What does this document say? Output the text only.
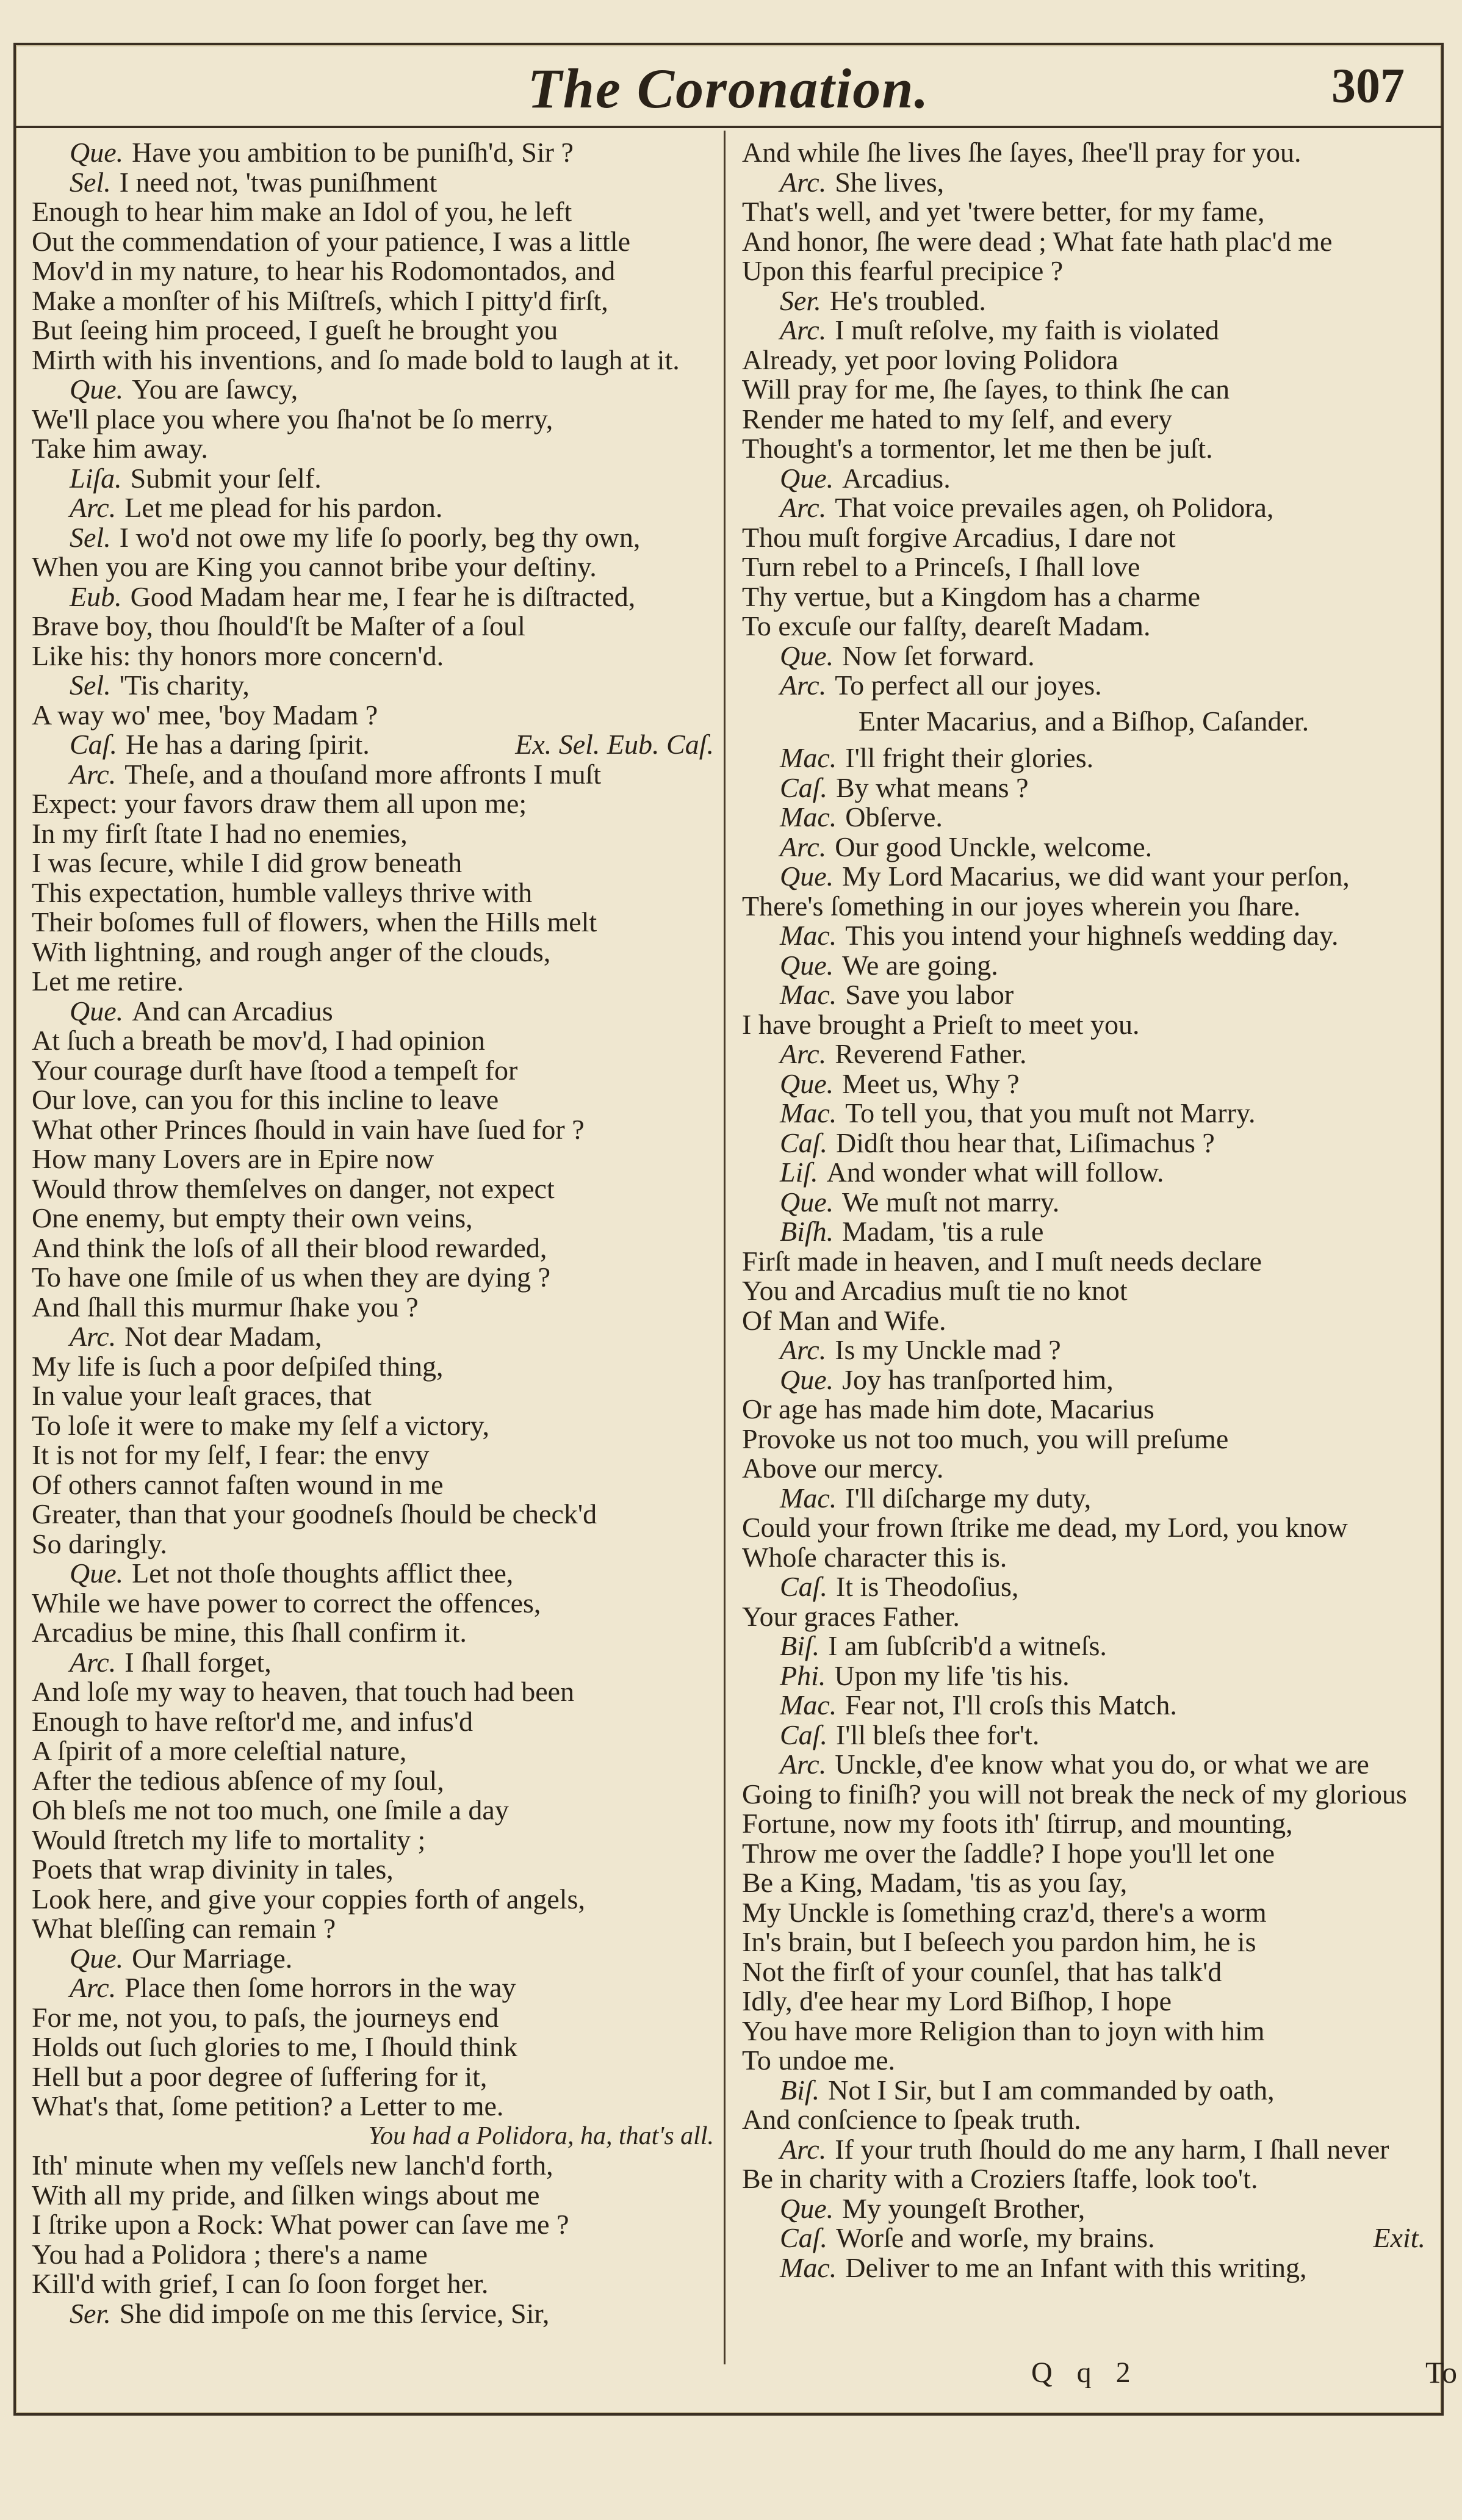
The Coronation.	307
Que. Have you ambition to be puniſh'd, Sir ?
Sel. I need not, 'twas puniſhment
Enough to hear him make an Idol of you, he left
Out the commendation of your patience, I was a little
Mov'd in my nature, to hear his Rodomontados, and
Make a monſter of his Miſtreſs, which I pitty'd firſt,
But ſeeing him proceed, I gueſt he brought you
Mirth with his inventions, and ſo made bold to laugh at it.
Que. You are ſawcy,
We'll place you where you ſha'not be ſo merry,
Take him away.
Liſa. Submit your ſelf.
Arc. Let me plead for his pardon.
Sel. I wo'd not owe my life ſo poorly, beg thy own,
When you are King you cannot bribe your deſtiny.
Eub. Good Madam hear me, I fear he is diſtracted,
Brave boy, thou ſhould'ſt be Maſter of a ſoul
Like his: thy honors more concern'd.
Sel. 'Tis charity,
A way wo' mee, 'boy Madam ?
Caſ. He has a daring ſpirit.	Ex. Sel. Eub. Caſ.
Arc. Theſe, and a thouſand more affronts I muſt
Expect: your favors draw them all upon me;
In my firſt ſtate I had no enemies,
I was ſecure, while I did grow beneath
This expectation, humble valleys thrive with
Their boſomes full of flowers, when the Hills melt
With lightning, and rough anger of the clouds,
Let me retire.
Que. And can Arcadius
At ſuch a breath be mov'd, I had opinion
Your courage durſt have ſtood a tempeſt for
Our love, can you for this incline to leave
What other Princes ſhould in vain have ſued for ?
How many Lovers are in Epire now
Would throw themſelves on danger, not expect
One enemy, but empty their own veins,
And think the loſs of all their blood rewarded,
To have one ſmile of us when they are dying ?
And ſhall this murmur ſhake you ?
Arc. Not dear Madam,
My life is ſuch a poor deſpiſed thing,
In value your leaſt graces, that
To loſe it were to make my ſelf a victory,
It is not for my ſelf, I fear: the envy
Of others cannot faſten wound in me
Greater, than that your goodneſs ſhould be check'd
So daringly.
Que. Let not thoſe thoughts afflict thee,
While we have power to correct the offences,
Arcadius be mine, this ſhall confirm it.
Arc. I ſhall forget,
And loſe my way to heaven, that touch had been
Enough to have reſtor'd me, and infus'd
A ſpirit of a more celeſtial nature,
After the tedious abſence of my ſoul,
Oh bleſs me not too much, one ſmile a day
Would ſtretch my life to mortality ;
Poets that wrap divinity in tales,
Look here, and give your coppies forth of angels,
What bleſſing can remain ?
Que. Our Marriage.
Arc. Place then ſome horrors in the way
For me, not you, to paſs, the journeys end
Holds out ſuch glories to me, I ſhould think
Hell but a poor degree of ſuffering for it,
What's that, ſome petition? a Letter to me.
You had a Polidora, ha, that's all.
Ith' minute when my veſſels new lanch'd forth,
With all my pride, and ſilken wings about me
I ſtrike upon a Rock: What power can ſave me ?
You had a Polidora ; there's a name
Kill'd with grief, I can ſo ſoon forget her.
Ser. She did impoſe on me this ſervice, Sir,
And while ſhe lives ſhe ſayes, ſhee'll pray for you.
Arc. She lives,
That's well, and yet 'twere better, for my fame,
And honor, ſhe were dead ; What fate hath plac'd me
Upon this fearful precipice ?
Ser. He's troubled.
Arc. I muſt reſolve, my faith is violated
Already, yet poor loving Polidora
Will pray for me, ſhe ſayes, to think ſhe can
Render me hated to my ſelf, and every
Thought's a tormentor, let me then be juſt.
Que. Arcadius.
Arc. That voice prevailes agen, oh Polidora,
Thou muſt forgive Arcadius, I dare not
Turn rebel to a Princeſs, I ſhall love
Thy vertue, but a Kingdom has a charme
To excuſe our falſty, deareſt Madam.
Que. Now ſet forward.
Arc. To perfect all our joyes.
Enter Macarius, and a Biſhop, Caſander.
Mac. I'll fright their glories.
Caſ. By what means ?
Mac. Obſerve.
Arc. Our good Unckle, welcome.
Que. My Lord Macarius, we did want your perſon,
There's ſomething in our joyes wherein you ſhare.
Mac. This you intend your highneſs wedding day.
Que. We are going.
Mac. Save you labor
I have brought a Prieſt to meet you.
Arc. Reverend Father.
Que. Meet us, Why ?
Mac. To tell you, that you muſt not Marry.
Caſ. Didſt thou hear that, Liſimachus ?
Liſ. And wonder what will follow.
Que. We muſt not marry.
Biſh. Madam, 'tis a rule
Firſt made in heaven, and I muſt needs declare
You and Arcadius muſt tie no knot
Of Man and Wife.
Arc. Is my Unckle mad ?
Que. Joy has tranſported him,
Or age has made him dote, Macarius
Provoke us not too much, you will preſume
Above our mercy.
Mac. I'll diſcharge my duty,
Could your frown ſtrike me dead, my Lord, you know
Whoſe character this is.
Caſ. It is Theodoſius,
Your graces Father.
Biſ. I am ſubſcrib'd a witneſs.
Phi. Upon my life 'tis his.
Mac. Fear not, I'll croſs this Match.
Caſ. I'll bleſs thee for't.
Arc. Unckle, d'ee know what you do, or what we are
Going to finiſh? you will not break the neck of my glorious
Fortune, now my foots ith' ſtirrup, and mounting,
Throw me over the ſaddle? I hope you'll let one
Be a King, Madam, 'tis as you ſay,
My Unckle is ſomething craz'd, there's a worm
In's brain, but I beſeech you pardon him, he is
Not the firſt of your counſel, that has talk'd
Idly, d'ee hear my Lord Biſhop, I hope
You have more Religion than to joyn with him
To undoe me.
Biſ. Not I Sir, but I am commanded by oath,
And conſcience to ſpeak truth.
Arc. If your truth ſhould do me any harm, I ſhall never
Be in charity with a Croziers ſtaffe, look too't.
Que. My youngeſt Brother,
Caſ. Worſe and worſe, my brains.	Exit.
Mac. Deliver to me an Infant with this writing,
Q q 2	To
